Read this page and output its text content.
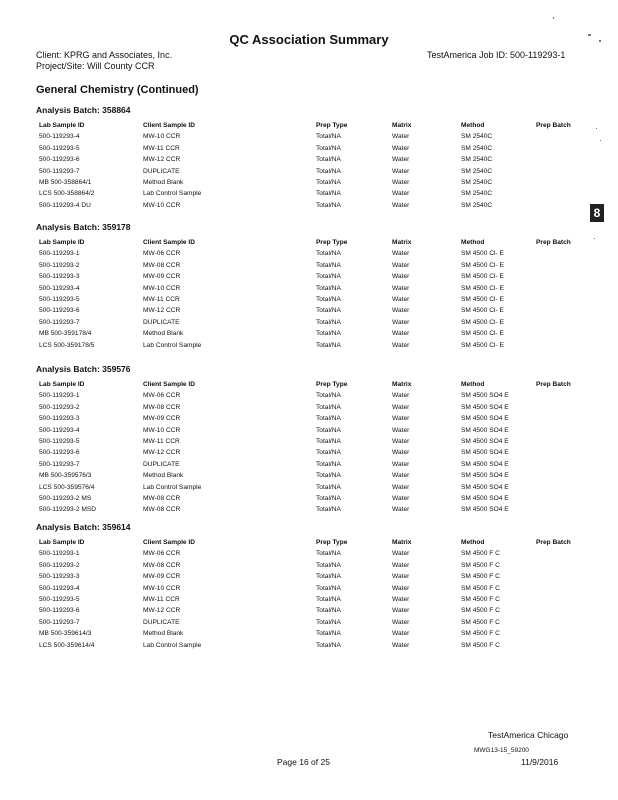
QC Association Summary
Client: KPRG and Associates, Inc.
Project/Site: Will County CCR
TestAmerica Job ID: 500-119293-1
General Chemistry (Continued)
8
Analysis Batch: 358864
Lab Sample ID	Client Sample ID	Prep Type	Matrix	Method	Prep Batch
500-119293-4	MW-10 CCR	Total/NA	Water	SM 2540C
500-119293-5	MW-11 CCR	Total/NA	Water	SM 2540C
500-119293-6	MW-12 CCR	Total/NA	Water	SM 2540C
500-119293-7	DUPLICATE	Total/NA	Water	SM 2540C
MB 500-358864/1	Method Blank	Total/NA	Water	SM 2540C
LCS 500-358864/2	Lab Control Sample	Total/NA	Water	SM 2540C
500-119293-4 DU	MW-10 CCR	Total/NA	Water	SM 2540C
Analysis Batch: 359178
Lab Sample ID	Client Sample ID	Prep Type	Matrix	Method	Prep Batch
500-119293-1	MW-06 CCR	Total/NA	Water	SM 4500 Cl- E
500-119293-2	MW-08 CCR	Total/NA	Water	SM 4500 Cl- E
500-119293-3	MW-09 CCR	Total/NA	Water	SM 4500 Cl- E
500-119293-4	MW-10 CCR	Total/NA	Water	SM 4500 Cl- E
500-119293-5	MW-11 CCR	Total/NA	Water	SM 4500 Cl- E
500-119293-6	MW-12 CCR	Total/NA	Water	SM 4500 Cl- E
500-119293-7	DUPLICATE	Total/NA	Water	SM 4500 Cl- E
MB 500-359178/4	Method Blank	Total/NA	Water	SM 4500 Cl- E
LCS 500-359178/5	Lab Control Sample	Total/NA	Water	SM 4500 Cl- E
Analysis Batch: 359576
Lab Sample ID	Client Sample ID	Prep Type	Matrix	Method	Prep Batch
500-119293-1	MW-06 CCR	Total/NA	Water	SM 4500 SO4 E
500-119293-2	MW-08 CCR	Total/NA	Water	SM 4500 SO4 E
500-119293-3	MW-09 CCR	Total/NA	Water	SM 4500 SO4 E
500-119293-4	MW-10 CCR	Total/NA	Water	SM 4500 SO4 E
500-119293-5	MW-11 CCR	Total/NA	Water	SM 4500 SO4 E
500-119293-6	MW-12 CCR	Total/NA	Water	SM 4500 SO4 E
500-119293-7	DUPLICATE	Total/NA	Water	SM 4500 SO4 E
MB 500-359576/3	Method Blank	Total/NA	Water	SM 4500 SO4 E
LCS 500-359576/4	Lab Control Sample	Total/NA	Water	SM 4500 SO4 E
500-119293-2 MS	MW-08 CCR	Total/NA	Water	SM 4500 SO4 E
500-119293-2 MSD	MW-08 CCR	Total/NA	Water	SM 4500 SO4 E
Analysis Batch: 359614
Lab Sample ID	Client Sample ID	Prep Type	Matrix	Method	Prep Batch
500-119293-1	MW-06 CCR	Total/NA	Water	SM 4500 F C
500-119293-2	MW-08 CCR	Total/NA	Water	SM 4500 F C
500-119293-3	MW-09 CCR	Total/NA	Water	SM 4500 F C
500-119293-4	MW-10 CCR	Total/NA	Water	SM 4500 F C
500-119293-5	MW-11 CCR	Total/NA	Water	SM 4500 F C
500-119293-6	MW-12 CCR	Total/NA	Water	SM 4500 F C
500-119293-7	DUPLICATE	Total/NA	Water	SM 4500 F C
MB 500-359614/3	Method Blank	Total/NA	Water	SM 4500 F C
LCS 500-359614/4	Lab Control Sample	Total/NA	Water	SM 4500 F C
TestAmerica Chicago
MWG13-15_59200
Page 16 of 25	11/9/2016
